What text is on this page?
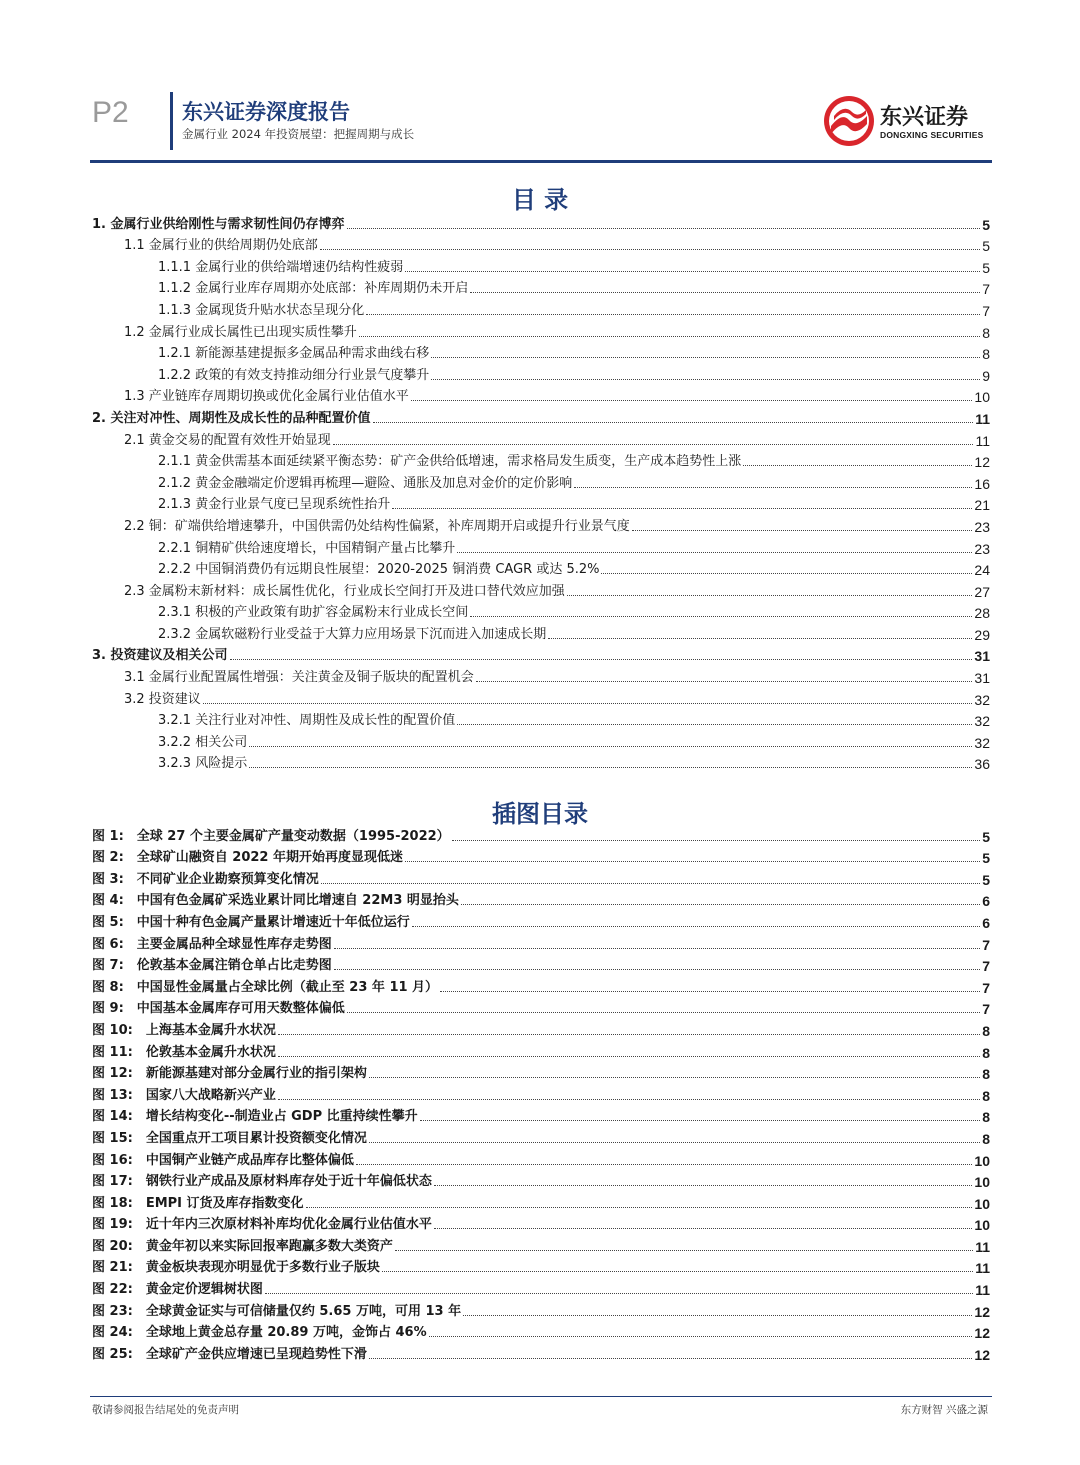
P2	东兴证券深度报告
金属行业 2024 年投资展望：把握周期与成长
东兴证券
DONGXING SECURITIES
目 录
1. 金属行业供给刚性与需求韧性间仍存博弈	5
1.1 金属行业的供给周期仍处底部	5
1.1.1 金属行业的供给端增速仍结构性疲弱	5
1.1.2 金属行业库存周期亦处底部：补库周期仍未开启	7
1.1.3 金属现货升贴水状态呈现分化	7
1.2 金属行业成长属性已出现实质性攀升	8
1.2.1 新能源基建提振多金属品种需求曲线右移	8
1.2.2 政策的有效支持推动细分行业景气度攀升	9
1.3 产业链库存周期切换或优化金属行业估值水平	10
2. 关注对冲性、周期性及成长性的品种配置价值	11
2.1 黄金交易的配置有效性开始显现	11
2.1.1 黄金供需基本面延续紧平衡态势：矿产金供给低增速，需求格局发生质变，生产成本趋势性上涨	12
2.1.2 黄金金融端定价逻辑再梳理—避险、通胀及加息对金价的定价影响	16
2.1.3 黄金行业景气度已呈现系统性抬升	21
2.2 铜：矿端供给增速攀升，中国供需仍处结构性偏紧，补库周期开启或提升行业景气度	23
2.2.1 铜精矿供给速度增长，中国精铜产量占比攀升	23
2.2.2 中国铜消费仍有远期良性展望：2020-2025 铜消费 CAGR 或达 5.2%	24
2.3 金属粉末新材料：成长属性优化，行业成长空间打开及进口替代效应加强	27
2.3.1 积极的产业政策有助扩容金属粉末行业成长空间	28
2.3.2 金属软磁粉行业受益于大算力应用场景下沉而进入加速成长期	29
3. 投资建议及相关公司	31
3.1 金属行业配置属性增强：关注黄金及铜子版块的配置机会	31
3.2 投资建议	32
3.2.1 关注行业对冲性、周期性及成长性的配置价值	32
3.2.2 相关公司	32
3.2.3 风险提示	36
插图目录
图 1:　全球 27 个主要金属矿产量变动数据（1995-2022）	5
图 2:　全球矿山融资自 2022 年期开始再度显现低迷	5
图 3:　不同矿业企业勘察预算变化情况	5
图 4:　中国有色金属矿采选业累计同比增速自 22M3 明显抬头	6
图 5:　中国十种有色金属产量累计增速近十年低位运行	6
图 6:　主要金属品种全球显性库存走势图	7
图 7:　伦敦基本金属注销仓单占比走势图	7
图 8:　中国显性金属量占全球比例（截止至 23 年 11 月）	7
图 9:　中国基本金属库存可用天数整体偏低	7
图 10:　上海基本金属升水状况	8
图 11:　伦敦基本金属升水状况	8
图 12:　新能源基建对部分金属行业的指引架构	8
图 13:　国家八大战略新兴产业	8
图 14:　增长结构变化--制造业占 GDP 比重持续性攀升	8
图 15:　全国重点开工项目累计投资额变化情况	8
图 16:　中国铜产业链产成品库存比整体偏低	10
图 17:　钢铁行业产成品及原材料库存处于近十年偏低状态	10
图 18:　EMPI 订货及库存指数变化	10
图 19:　近十年内三次原材料补库均优化金属行业估值水平	10
图 20:　黄金年初以来实际回报率跑赢多数大类资产	11
图 21:　黄金板块表现亦明显优于多数行业子版块	11
图 22:　黄金定价逻辑树状图	11
图 23:　全球黄金证实与可信储量仅约 5.65 万吨，可用 13 年	12
图 24:　全球地上黄金总存量 20.89 万吨，金饰占 46%	12
图 25:　全球矿产金供应增速已呈现趋势性下滑	12
敬请参阅报告结尾处的免责声明	东方财智 兴盛之源
